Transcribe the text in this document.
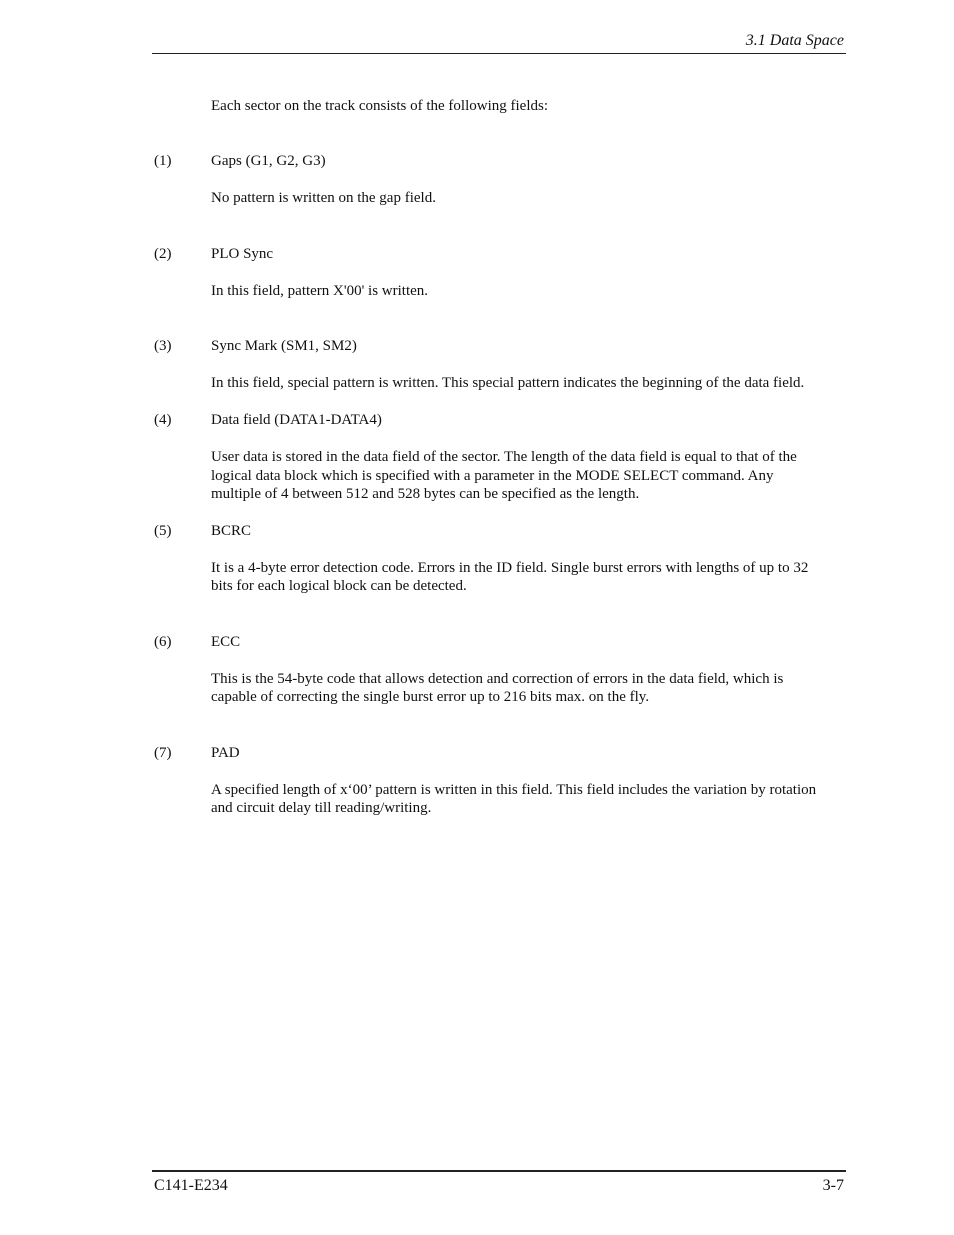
3.1 Data Space
Each sector on the track consists of the following fields:
(1)	Gaps (G1, G2, G3)
No pattern is written on the gap field.
(2)	PLO Sync
In this field, pattern X'00' is written.
(3)	Sync Mark (SM1, SM2)
In this field, special pattern is written. This special pattern indicates the beginning of the data field.
(4)	Data field (DATA1-DATA4)
User data is stored in the data field of the sector. The length of the data field is equal to that of the
logical data block which is specified with a parameter in the MODE SELECT command. Any
multiple of 4 between 512 and 528 bytes can be specified as the length.
(5)	BCRC
It is a 4-byte error detection code. Errors in the ID field. Single burst errors with lengths of up to 32
bits for each logical block can be detected.
(6)	ECC
This is the 54-byte code that allows detection and correction of errors in the data field, which is
capable of correcting the single burst error up to 216 bits max. on the fly.
(7)	PAD
A specified length of x‘00’ pattern is written in this field. This field includes the variation by rotation
and circuit delay till reading/writing.
C141-E234	3-7
